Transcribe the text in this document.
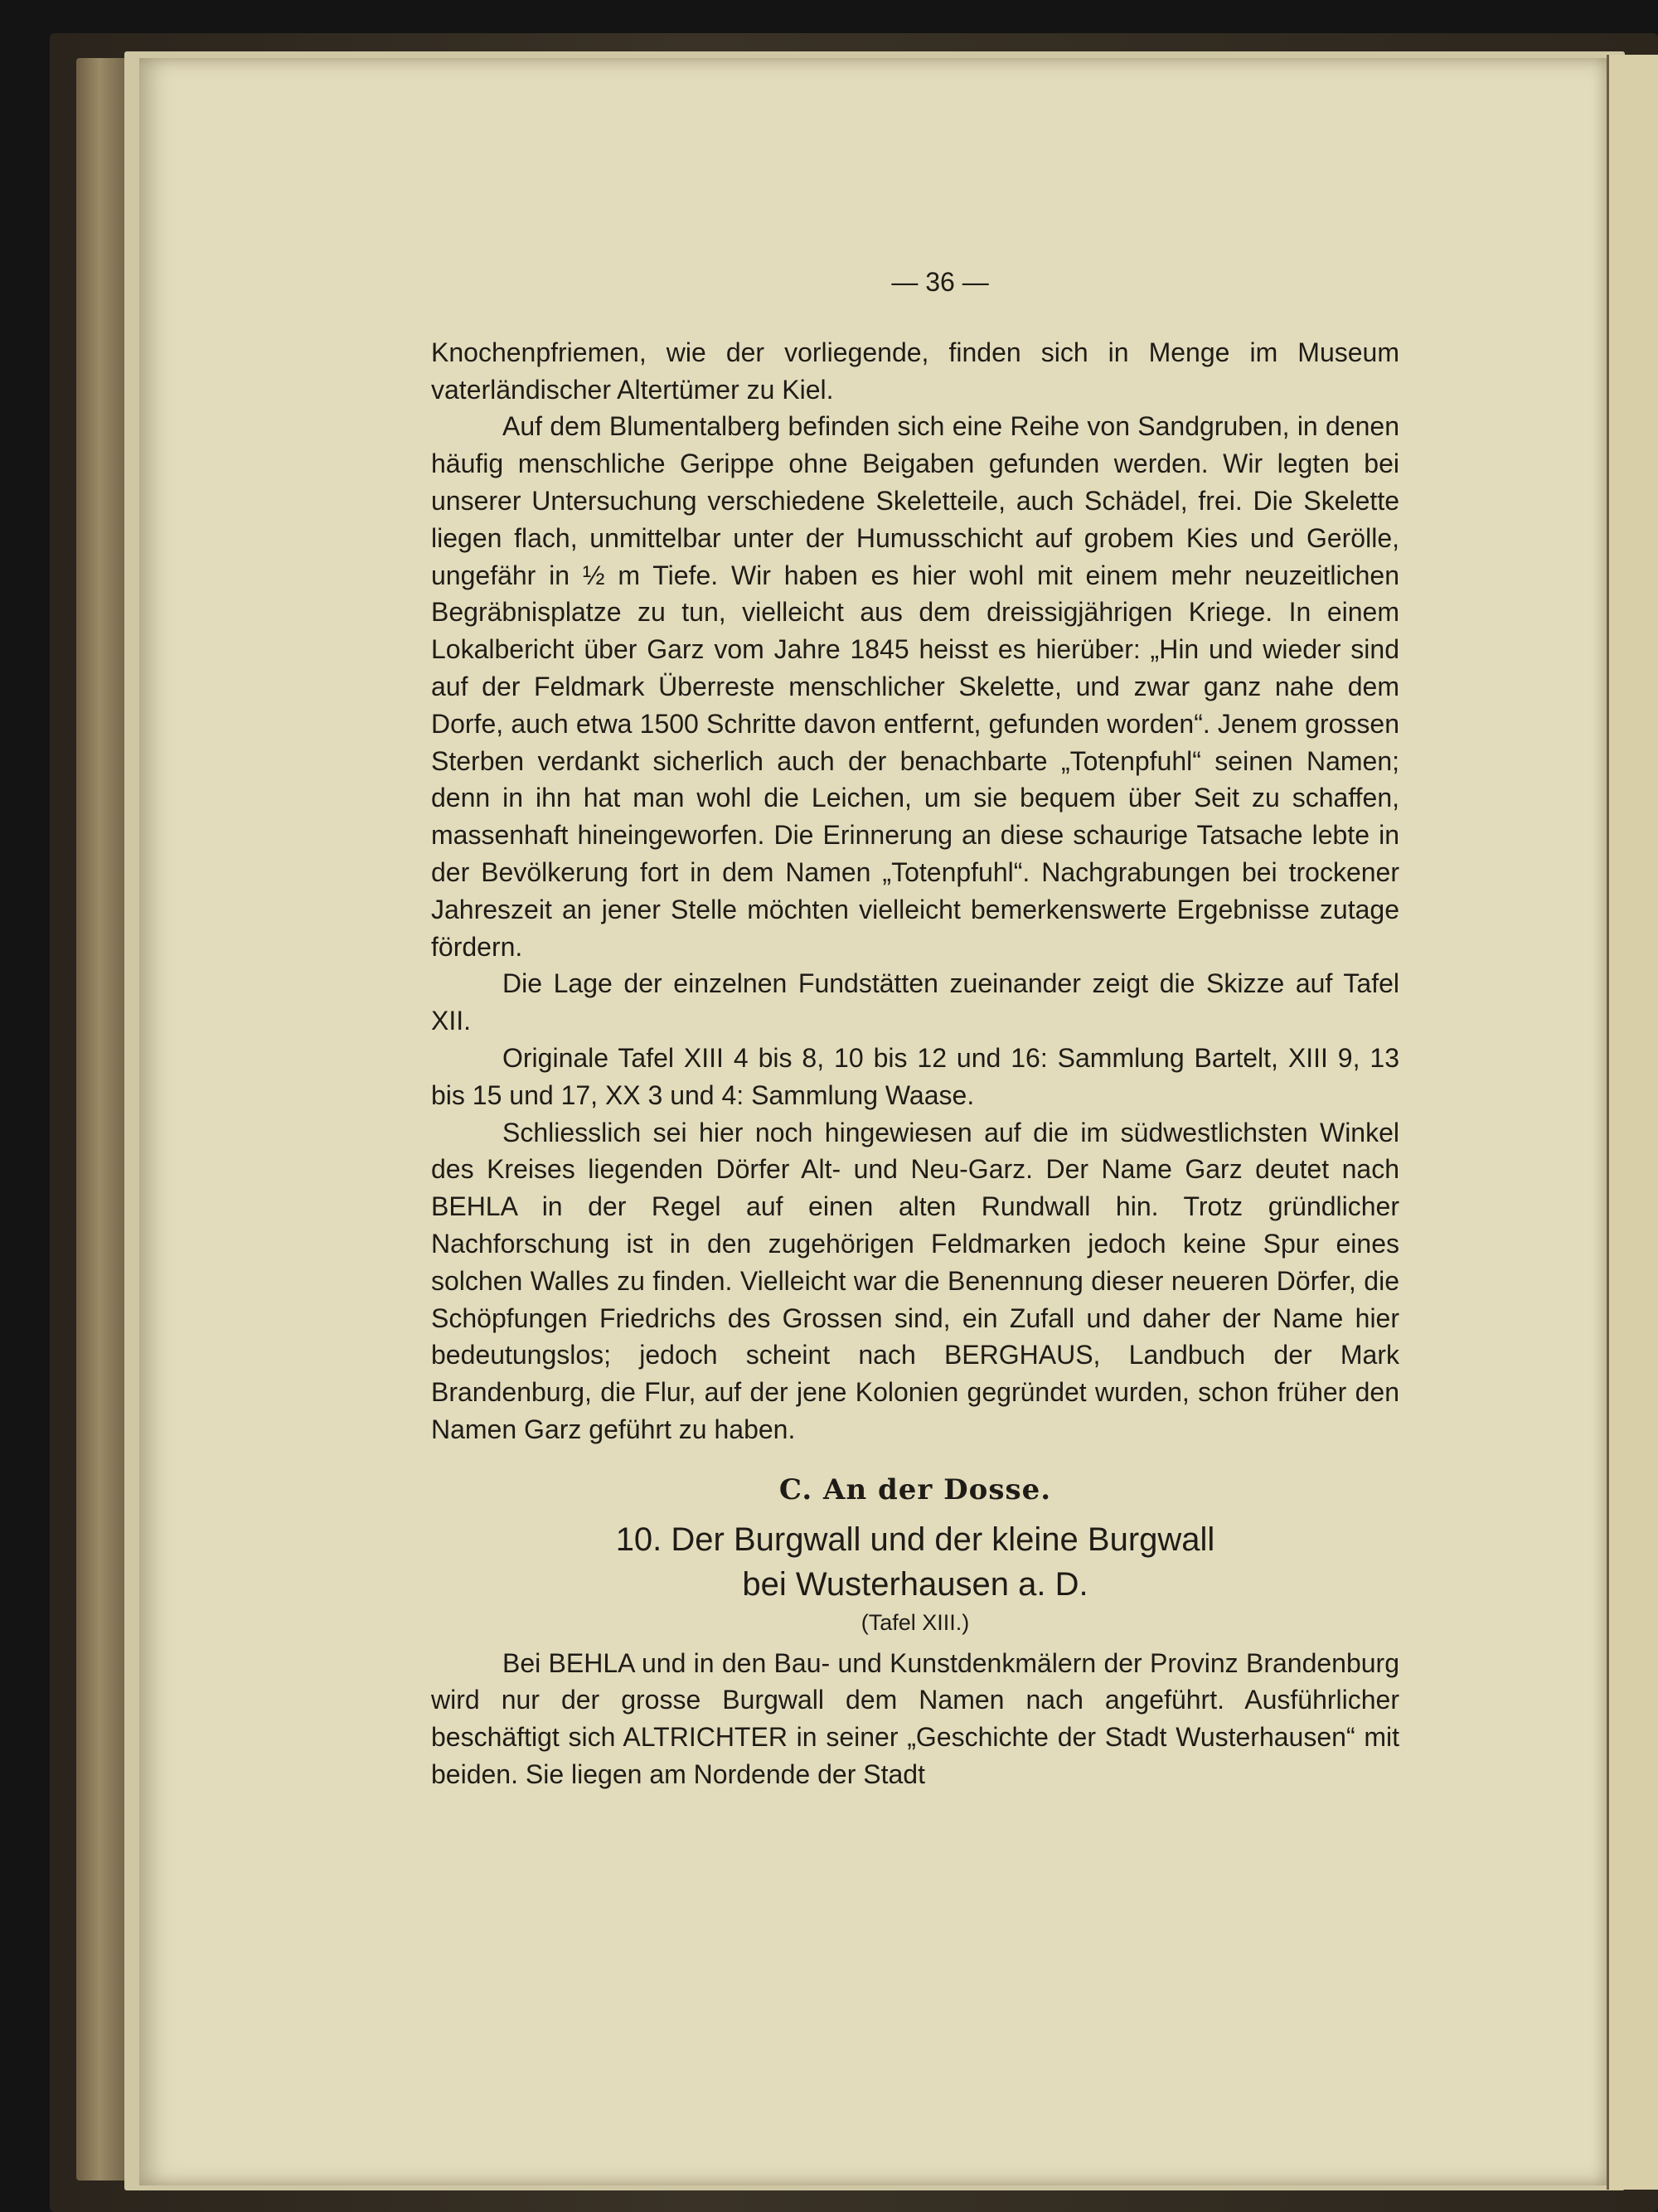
— 36 —

Knochenpfriemen, wie der vorliegende, finden sich in Menge im Museum vaterländischer Altertümer zu Kiel.

Auf dem Blumentalberg befinden sich eine Reihe von Sandgruben, in denen häufig menschliche Gerippe ohne Beigaben gefunden werden. Wir legten bei unserer Untersuchung verschiedene Skeletteile, auch Schädel, frei. Die Skelette liegen flach, unmittelbar unter der Humusschicht auf grobem Kies und Gerölle, ungefähr in ½ m Tiefe. Wir haben es hier wohl mit einem mehr neuzeitlichen Begräbnisplatze zu tun, vielleicht aus dem dreissigjährigen Kriege. In einem Lokalbericht über Garz vom Jahre 1845 heisst es hierüber: „Hin und wieder sind auf der Feldmark Überreste menschlicher Skelette, und zwar ganz nahe dem Dorfe, auch etwa 1500 Schritte davon entfernt, gefunden worden“. Jenem grossen Sterben verdankt sicherlich auch der benachbarte „Totenpfuhl“ seinen Namen; denn in ihn hat man wohl die Leichen, um sie bequem über Seit zu schaffen, massenhaft hineingeworfen. Die Erinnerung an diese schaurige Tatsache lebte in der Bevölkerung fort in dem Namen „Totenpfuhl“. Nachgrabungen bei trockener Jahreszeit an jener Stelle möchten vielleicht bemerkenswerte Ergebnisse zutage fördern.

Die Lage der einzelnen Fundstätten zueinander zeigt die Skizze auf Tafel XII.

Originale Tafel XIII 4 bis 8, 10 bis 12 und 16: Sammlung Bartelt, XIII 9, 13 bis 15 und 17, XX 3 und 4: Sammlung Waase.

Schliesslich sei hier noch hingewiesen auf die im südwestlichsten Winkel des Kreises liegenden Dörfer Alt- und Neu-Garz. Der Name Garz deutet nach BEHLA in der Regel auf einen alten Rundwall hin. Trotz gründlicher Nachforschung ist in den zugehörigen Feldmarken jedoch keine Spur eines solchen Walles zu finden. Vielleicht war die Benennung dieser neueren Dörfer, die Schöpfungen Friedrichs des Grossen sind, ein Zufall und daher der Name hier bedeutungslos; jedoch scheint nach BERGHAUS, Landbuch der Mark Brandenburg, die Flur, auf der jene Kolonien gegründet wurden, schon früher den Namen Garz geführt zu haben.

C. An der Dosse.
10. Der Burgwall und der kleine Burgwall
bei Wusterhausen a. D.
(Tafel XIII.)

Bei BEHLA und in den Bau- und Kunstdenkmälern der Provinz Brandenburg wird nur der grosse Burgwall dem Namen nach angeführt. Ausführlicher beschäftigt sich ALTRICHTER in seiner „Geschichte der Stadt Wusterhausen“ mit beiden. Sie liegen am Nordende der Stadt
